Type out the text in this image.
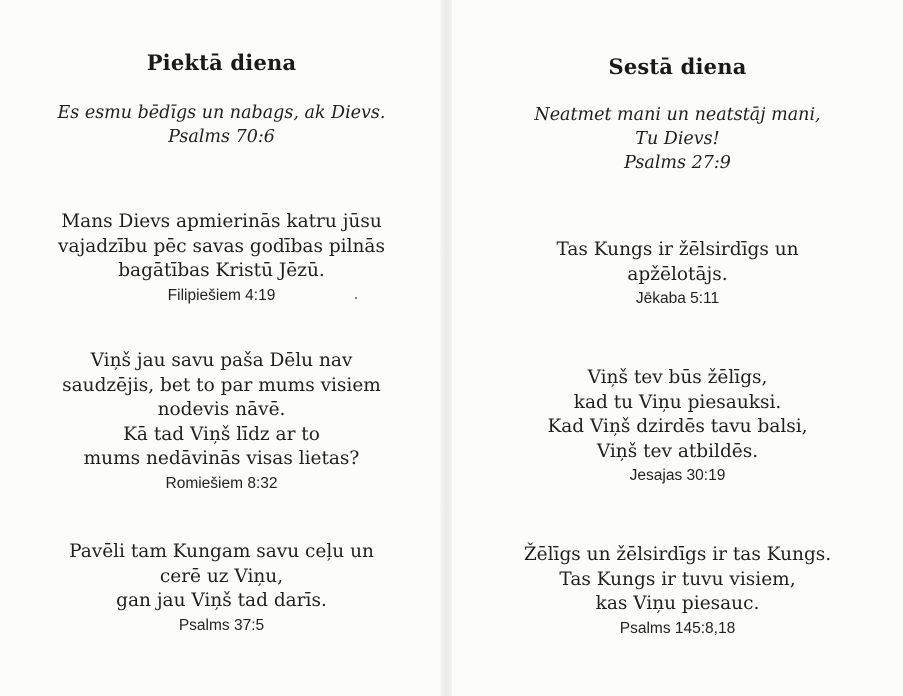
Piektā diena
Es esmu bēdīgs un nabags, ak Dievs.
Psalms 70:6
Mans Dievs apmierinās katru jūsu
vajadzību pēc savas godības pilnās
bagātības Kristū Jēzū.
Filipiešiem 4:19
Viņš jau savu paša Dēlu nav
saudzējis, bet to par mums visiem
nodevis nāvē.
Kā tad Viņš līdz ar to
mums nedāvinās visas lietas?
Romiešiem 8:32
Pavēli tam Kungam savu ceļu un
cerē uz Viņu,
gan jau Viņš tad darīs.
Psalms 37:5
Sestā diena
Neatmet mani un neatstāj mani,
Tu Dievs!
Psalms 27:9
Tas Kungs ir žēlsirdīgs un
apžēlotājs.
Jēkaba 5:11
Viņš tev būs žēlīgs,
kad tu Viņu piesauksi.
Kad Viņš dzirdēs tavu balsi,
Viņš tev atbildēs.
Jesajas 30:19
Žēlīgs un žēlsirdīgs ir tas Kungs.
Tas Kungs ir tuvu visiem,
kas Viņu piesauc.
Psalms 145:8,18
